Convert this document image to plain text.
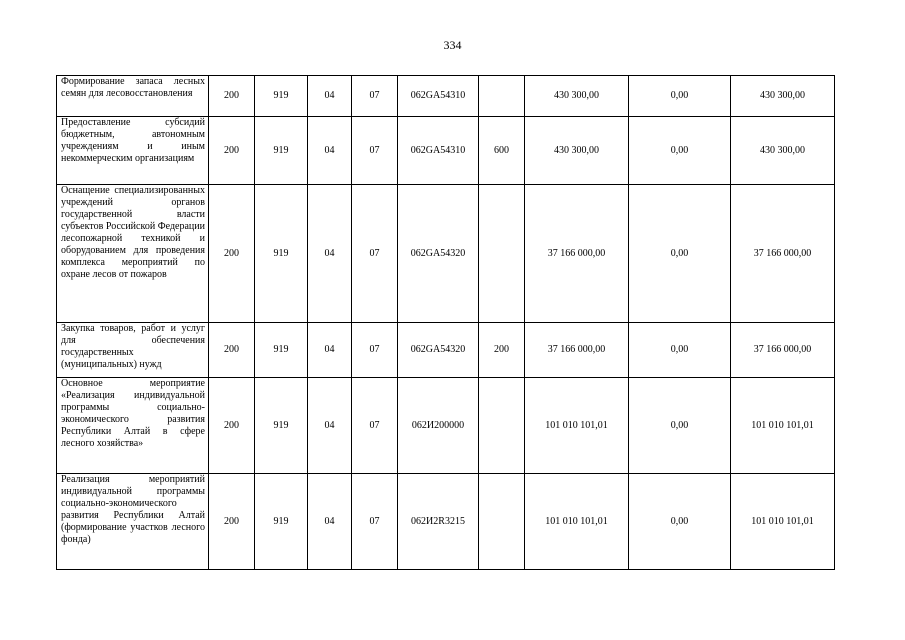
334
Формирование запаса лесных семян для лесовосстановления	200	919	04	07	062GA54310		430 300,00	0,00	430 300,00
Предоставление субсидий бюджетным, автономным учреждениям и иным некоммерческим организациям	200	919	04	07	062GA54310	600	430 300,00	0,00	430 300,00
Оснащение специализированных учреждений органов государственной власти субъектов Российской Федерации лесопожарной техникой и оборудованием для проведения комплекса мероприятий по охране лесов от пожаров	200	919	04	07	062GA54320		37 166 000,00	0,00	37 166 000,00
Закупка товаров, работ и услуг для обеспечения государственных (муниципальных) нужд	200	919	04	07	062GA54320	200	37 166 000,00	0,00	37 166 000,00
Основное мероприятие «Реализация индивидуальной программы социально-экономического развития Республики Алтай в сфере лесного хозяйства»	200	919	04	07	062И200000		101 010 101,01	0,00	101 010 101,01
Реализация мероприятий индивидуальной программы социально-экономического развития Республики Алтай (формирование участков лесного фонда)	200	919	04	07	062И2R3215		101 010 101,01	0,00	101 010 101,01
